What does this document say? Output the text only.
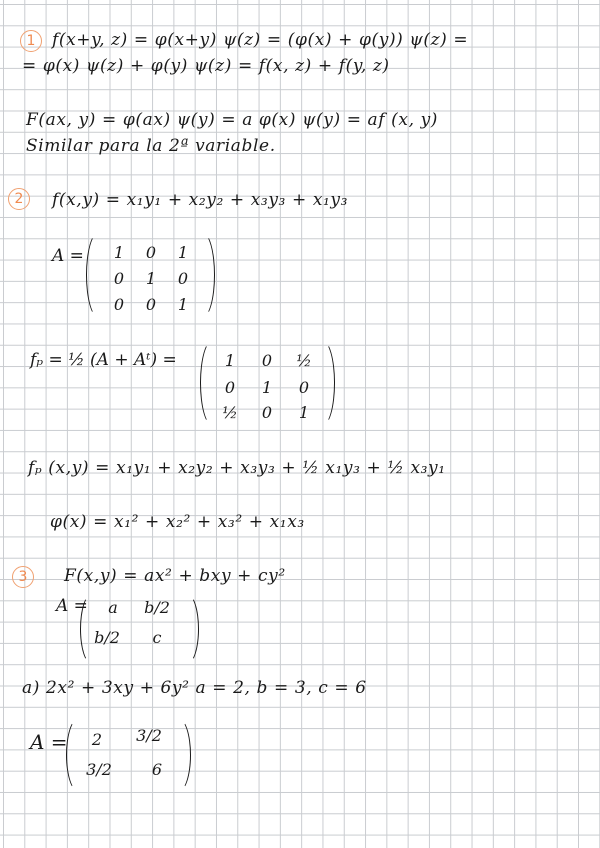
1 f(x+y, z) = φ(x+y) ψ(z) = (φ(x) + φ(y)) ψ(z) =
= φ(x) ψ(z) + φ(y) ψ(z) = f(x, z) + f(y, z)
F(ax, y) = φ(ax) ψ(y) = a φ(x) ψ(y) = af (x, y)
Similar para la 2ª variable.
2	f(x,y) = x₁y₁ + x₂y₂ + x₃y₃ + x₁y₃
A =	1	0	1
0	1	0
0	0	1
fₚ = ½ (A + Aᵗ) =	1	0	½
0	1	0
½	0	1
fₚ (x,y) = x₁y₁ + x₂y₂ + x₃y₃ + ½ x₁y₃ + ½ x₃y₁
φ(x) = x₁² + x₂² + x₃² + x₁x₃
3	F(x,y) = ax² + bxy + cy²
A =	a	b/2
b/2	c
a) 2x² + 3xy + 6y² a = 2, b = 3, c = 6
A =	2	3/2
3/2	6
